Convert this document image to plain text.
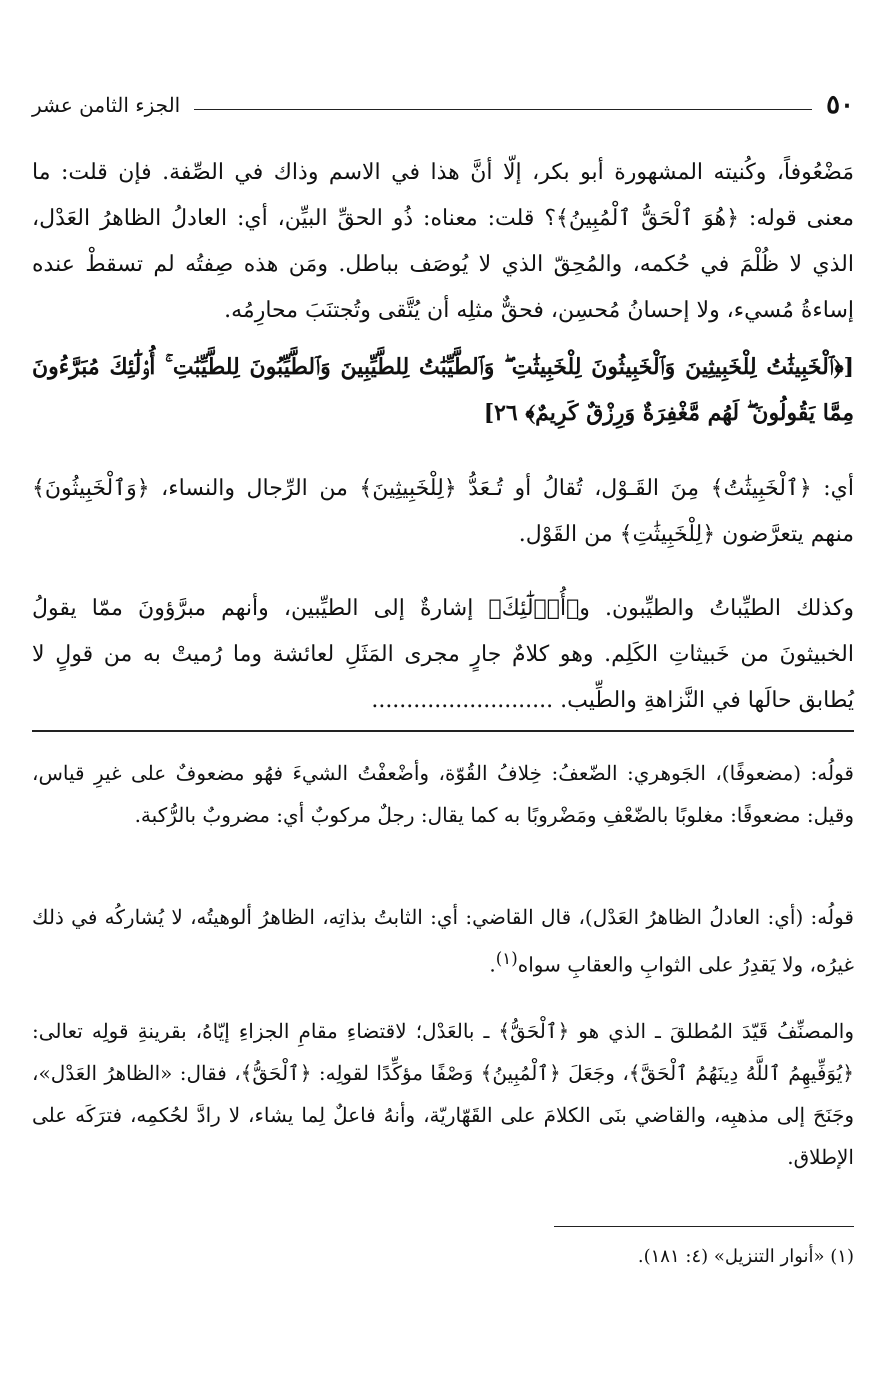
٥٠
الجزء الثامن عشر
مَضْعُوفاً، وكُنيته المشهورة أبو بكر، إلّا أنَّ هذا في الاسم وذاك في الصِّفة. فإن قلت: ما معنى قوله: ﴿هُوَ ٱلْحَقُّ ٱلْمُبِينُ﴾؟ قلت: معناه: ذُو الحقِّ البيِّن، أي: العادلُ الظاهرُ العَدْل، الذي لا ظُلْمَ في حُكمه، والمُحِقّ الذي لا يُوصَف بباطل. ومَن هذه صِفتُه لم تسقطْ عنده إساءةُ مُسيء، ولا إحسانُ مُحسِن، فحقٌّ مثلِه أن يُتَّقى وتُجتنَبَ محارِمُه.
[﴿ٱلْخَبِيثَٰتُ لِلْخَبِيثِينَ وَٱلْخَبِيثُونَ لِلْخَبِيثَٰتِ ۖ وَٱلطَّيِّبَٰتُ لِلطَّيِّبِينَ وَٱلطَّيِّبُونَ لِلطَّيِّبَٰتِ ۚ أُو۟لَٰٓئِكَ مُبَرَّءُونَ مِمَّا يَقُولُونَ ۖ لَهُم مَّغْفِرَةٌ وَرِزْقٌ كَرِيمٌ﴾ ٢٦]
أي: ﴿ٱلْخَبِيثَٰتُ﴾ مِنَ القَـوْل، تُقالُ أو تُـعَدُّ ﴿لِلْخَبِيثِينَ﴾ من الرِّجال والنساء، ﴿وَٱلْخَبِيثُونَ﴾ منهم يتعرَّضون ﴿لِلْخَبِيثَٰتِ﴾ من القَوْل.
وكذلك الطيِّباتُ والطيِّبون. و﴿أُو۟لَٰٓئِكَ﴾ إشارةٌ إلى الطيِّبين، وأنهم مبرَّؤونَ ممّا يقولُ الخبيثونَ من خَبيثاتِ الكَلِم. وهو كلامٌ جارٍ مجرى المَثَلِ لعائشة وما رُميتْ به من قولٍ لا يُطابق حالَها في النَّزاهةِ والطِّيب. ..........................
قولُه: (مضعوفًا)، الجَوهري: الضّعفُ: خِلافُ القُوّة، وأضْعفْتُ الشيءَ فهُو مضعوفٌ على غيرِ قياس، وقيل: مضعوفًا: مغلوبًا بالضّعْفِ ومَضْروبًا به كما يقال: رجلٌ مركوبٌ أي: مضروبٌ بالرُّكبة.
قولُه: (أي: العادلُ الظاهرُ العَدْل)، قال القاضي: أي: الثابتُ بذاتِه، الظاهرُ ألوهيتُه، لا يُشاركُه في ذلك غيرُه، ولا يَقدِرُ على الثوابِ والعقابِ سواه$^{(١)}$.
والمصنِّفُ قَيّدَ المُطلقَ ـ الذي هو ﴿ٱلْحَقُّ﴾ ـ بالعَدْل؛ لاقتضاءِ مقامِ الجزاءِ إيّاهُ، بقرينةِ قولِه تعالى: ﴿يُوَفِّيهِمُ ٱللَّهُ دِينَهُمُ ٱلْحَقَّ﴾، وجَعَلَ ﴿ٱلْمُبِينُ﴾ وَصْفًا مؤكِّدًا لقولِه: ﴿ٱلْحَقُّ﴾، فقال: «الظاهرُ العَدْل»، وجَنَحَ إلى مذهبِه، والقاضي بنَى الكلامَ على القَهّاريّة، وأنهُ فاعلٌ لِما يشاء، لا رادَّ لحُكمِه، فترَكَه على الإطلاق.
(١) «أنوار التنزيل» (٤: ١٨١).
